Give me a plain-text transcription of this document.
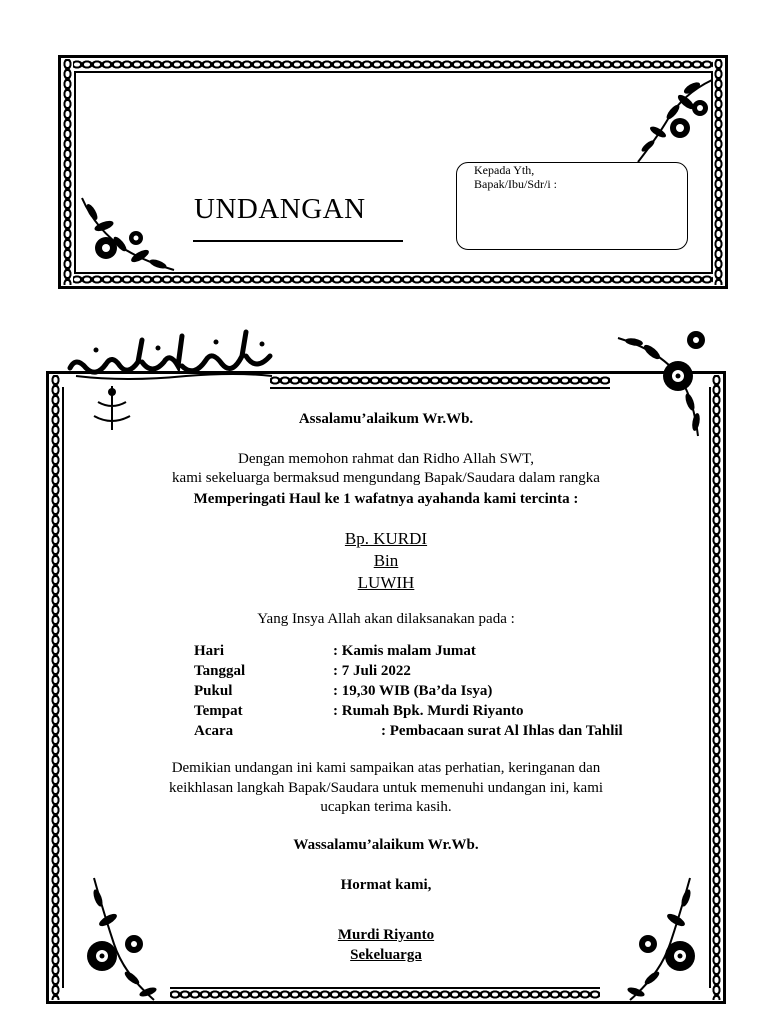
UNDANGAN
Kepada Yth,
Bapak/Ibu/Sdr/i :
Assalamu’alaikum Wr.Wb.
Dengan memohon rahmat dan Ridho Allah SWT,
kami sekeluarga bermaksud mengundang Bapak/Saudara dalam rangka
Memperingati Haul ke 1 wafatnya ayahanda kami tercinta :
Bp. KURDI
Bin
LUWIH
Yang Insya Allah akan dilaksanakan pada :
Hari	: Kamis malam Jumat
Tanggal	: 7 Juli 2022
Pukul	: 19,30 WIB (Ba’da Isya)
Tempat	: Rumah Bpk. Murdi Riyanto
Acara	: Pembacaan surat Al Ihlas dan Tahlil
Demikian undangan ini kami sampaikan atas perhatian, keringanan dan
keikhlasan langkah Bapak/Saudara untuk memenuhi undangan ini, kami
ucapkan terima kasih.
Wassalamu’alaikum Wr.Wb.
Hormat kami,
Murdi Riyanto
Sekeluarga
